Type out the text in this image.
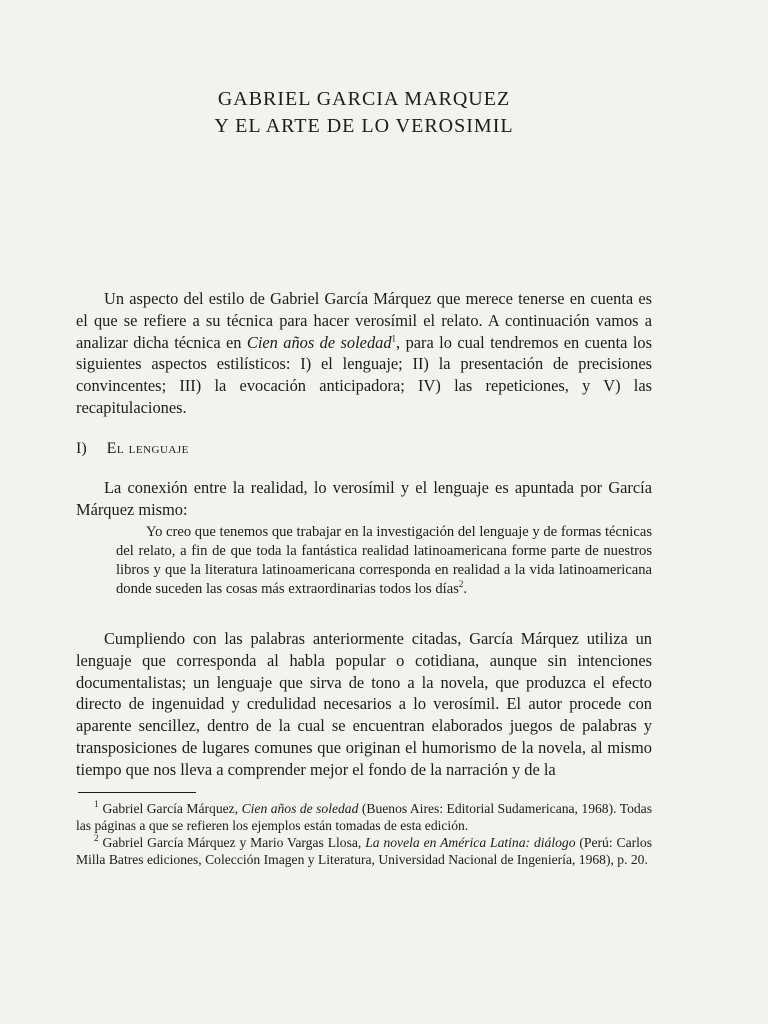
GABRIEL GARCIA MARQUEZ
Y EL ARTE DE LO VEROSIMIL

Un aspecto del estilo de Gabriel García Márquez que merece tenerse en cuenta es el que se refiere a su técnica para hacer verosímil el relato. A continuación vamos a analizar dicha técnica en Cien años de soledad$^1$, para lo cual tendremos en cuenta los siguientes aspectos estilísticos: I) el lenguaje; II) la presentación de precisiones convincentes; III) la evocación anticipadora; IV) las repeticiones, y V) las recapitulaciones.

I) El lenguaje

La conexión entre la realidad, lo verosímil y el lenguaje es apuntada por García Márquez mismo:

Yo creo que tenemos que trabajar en la investigación del lenguaje y de formas técnicas del relato, a fin de que toda la fantástica realidad latinoamericana forme parte de nuestros libros y que la literatura latinoamericana corresponda en realidad a la vida latinoamericana donde suceden las cosas más extraordinarias todos los días$^2$.

Cumpliendo con las palabras anteriormente citadas, García Márquez utiliza un lenguaje que corresponda al habla popular o cotidiana, aunque sin intenciones documentalistas; un lenguaje que sirva de tono a la novela, que produzca el efecto directo de ingenuidad y credulidad necesarios a lo verosímil. El autor procede con aparente sencillez, dentro de la cual se encuentran elaborados juegos de palabras y transposiciones de lugares comunes que originan el humorismo de la novela, al mismo tiempo que nos lleva a comprender mejor el fondo de la narración y de la

$^1$ Gabriel García Márquez, Cien años de soledad (Buenos Aires: Editorial Sudamericana, 1968). Todas las páginas a que se refieren los ejemplos están tomadas de esta edición.

$^2$ Gabriel García Márquez y Mario Vargas Llosa, La novela en América Latina: diálogo (Perú: Carlos Milla Batres ediciones, Colección Imagen y Literatura, Universidad Nacional de Ingeniería, 1968), p. 20.
